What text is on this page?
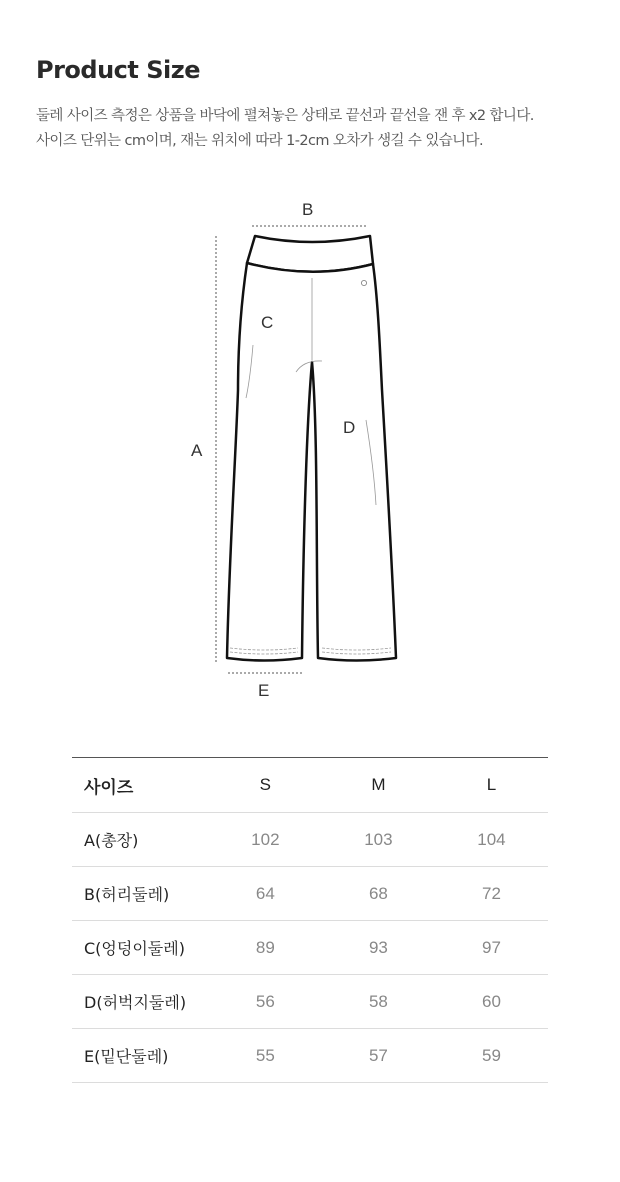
Product Size
둘레 사이즈 측정은 상품을 바닥에 펼쳐놓은 상태로 끝선과 끝선을 잰 후 x2 합니다.
사이즈 단위는 cm이며, 재는 위치에 따라 1-2cm 오차가 생길 수 있습니다.
B
A
C
D
E
사이즈	S	M	L
A(총장)	102	103	104
B(허리둘레)	64	68	72
C(엉덩이둘레)	89	93	97
D(허벅지둘레)	56	58	60
E(밑단둘레)	55	57	59
